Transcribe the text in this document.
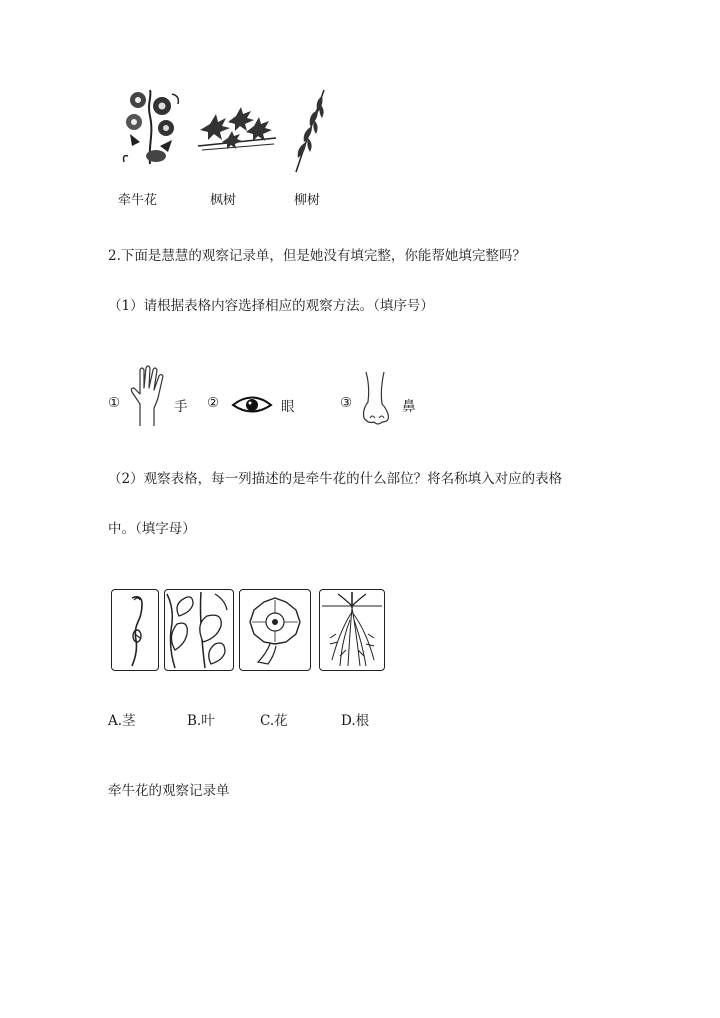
牵牛花	枫树	柳树
2.下面是慧慧的观察记录单，但是她没有填完整，你能帮她填完整吗？
（1）请根据表格内容选择相应的观察方法。（填序号）
①	手 ②	眼	③	鼻
（2）观察表格，每一列描述的是牵牛花的什么部位？将名称填入对应的表格
中。（填字母）
A.茎	B.叶	C.花	D.根
牵牛花的观察记录单
